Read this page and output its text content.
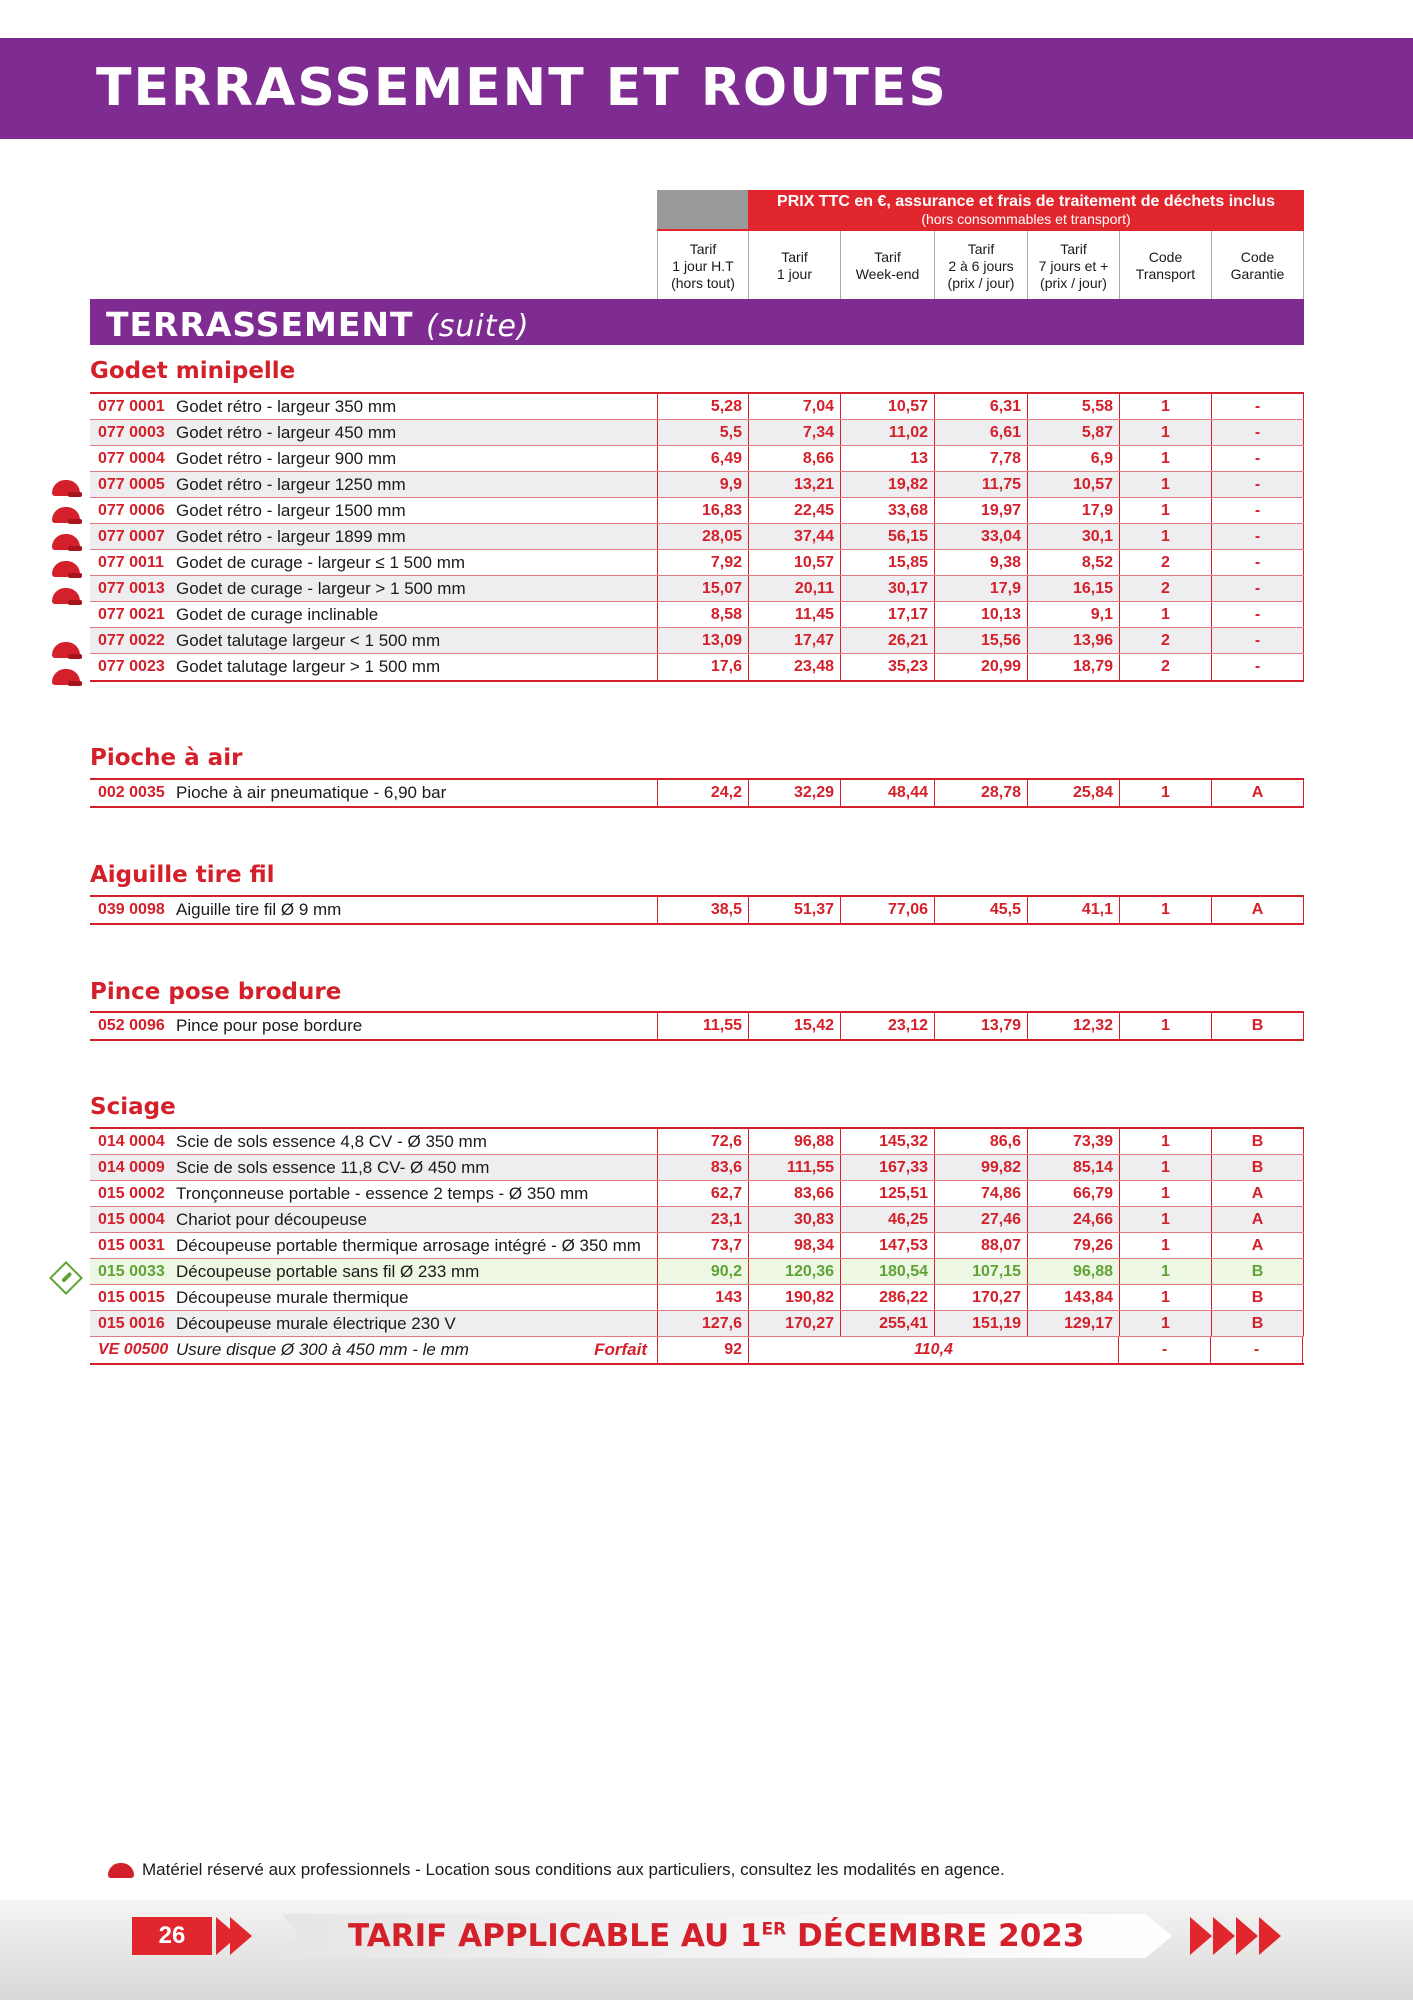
TERRASSEMENT ET ROUTES
PRIX TTC en €, assurance et frais de traitement de déchets inclus
(hors consommables et transport)
Tarif
1 jour H.T
(hors tout)
Tarif
1 jour
Tarif
Week-end
Tarif
2 à 6 jours
(prix / jour)
Tarif
7 jours et +
(prix / jour)
Code
Transport
Code
Garantie
TERRASSEMENT (suite)
Godet minipelle
077 0001 Godet rétro - largeur 350 mm	5,28	7,04	10,57	6,31	5,58	1	-
077 0003 Godet rétro - largeur 450 mm	5,5	7,34	11,02	6,61	5,87	1	-
077 0004 Godet rétro - largeur 900 mm	6,49	8,66	13	7,78	6,9	1	-
077 0005 Godet rétro - largeur 1250 mm	9,9	13,21	19,82	11,75	10,57	1	-
077 0006 Godet rétro - largeur 1500 mm	16,83	22,45	33,68	19,97	17,9	1	-
077 0007 Godet rétro - largeur 1899 mm	28,05	37,44	56,15	33,04	30,1	1	-
077 0011 Godet de curage - largeur ≤ 1 500 mm	7,92	10,57	15,85	9,38	8,52	2	-
077 0013 Godet de curage - largeur > 1 500 mm	15,07	20,11	30,17	17,9	16,15	2	-
077 0021 Godet de curage inclinable	8,58	11,45	17,17	10,13	9,1	1	-
077 0022 Godet talutage largeur < 1 500 mm	13,09	17,47	26,21	15,56	13,96	2	-
077 0023 Godet talutage largeur > 1 500 mm	17,6	23,48	35,23	20,99	18,79	2	-
Pioche à air
002 0035 Pioche à air pneumatique - 6,90 bar	24,2	32,29	48,44	28,78	25,84	1	A
Aiguille tire fil
039 0098 Aiguille tire fil Ø 9 mm	38,5	51,37	77,06	45,5	41,1	1	A
Pince pose brodure
052 0096 Pince pour pose bordure	11,55	15,42	23,12	13,79	12,32	1	B
Sciage
014 0004 Scie de sols essence 4,8 CV - Ø 350 mm	72,6	96,88	145,32	86,6	73,39	1	B
014 0009 Scie de sols essence 11,8 CV- Ø 450 mm	83,6	111,55	167,33	99,82	85,14	1	B
015 0002 Tronçonneuse portable - essence 2 temps - Ø 350 mm	62,7	83,66	125,51	74,86	66,79	1	A
015 0004 Chariot pour découpeuse	23,1	30,83	46,25	27,46	24,66	1	A
015 0031 Découpeuse portable thermique arrosage intégré - Ø 350 mm	73,7	98,34	147,53	88,07	79,26	1	A
015 0033 Découpeuse portable sans fil Ø 233 mm	90,2	120,36	180,54	107,15	96,88	1	B
015 0015 Découpeuse murale thermique	143	190,82	286,22	170,27	143,84	1	B
015 0016 Découpeuse murale électrique 230 V	127,6	170,27	255,41	151,19	129,17	1	B
VE 00500 Usure disque Ø 300 à 450 mm - le mm	Forfait	92	110,4	-	-
Matériel réservé aux professionnels - Location sous conditions aux particuliers, consultez les modalités en agence.
26	TARIF APPLICABLE AU 1ER DÉCEMBRE 2023
